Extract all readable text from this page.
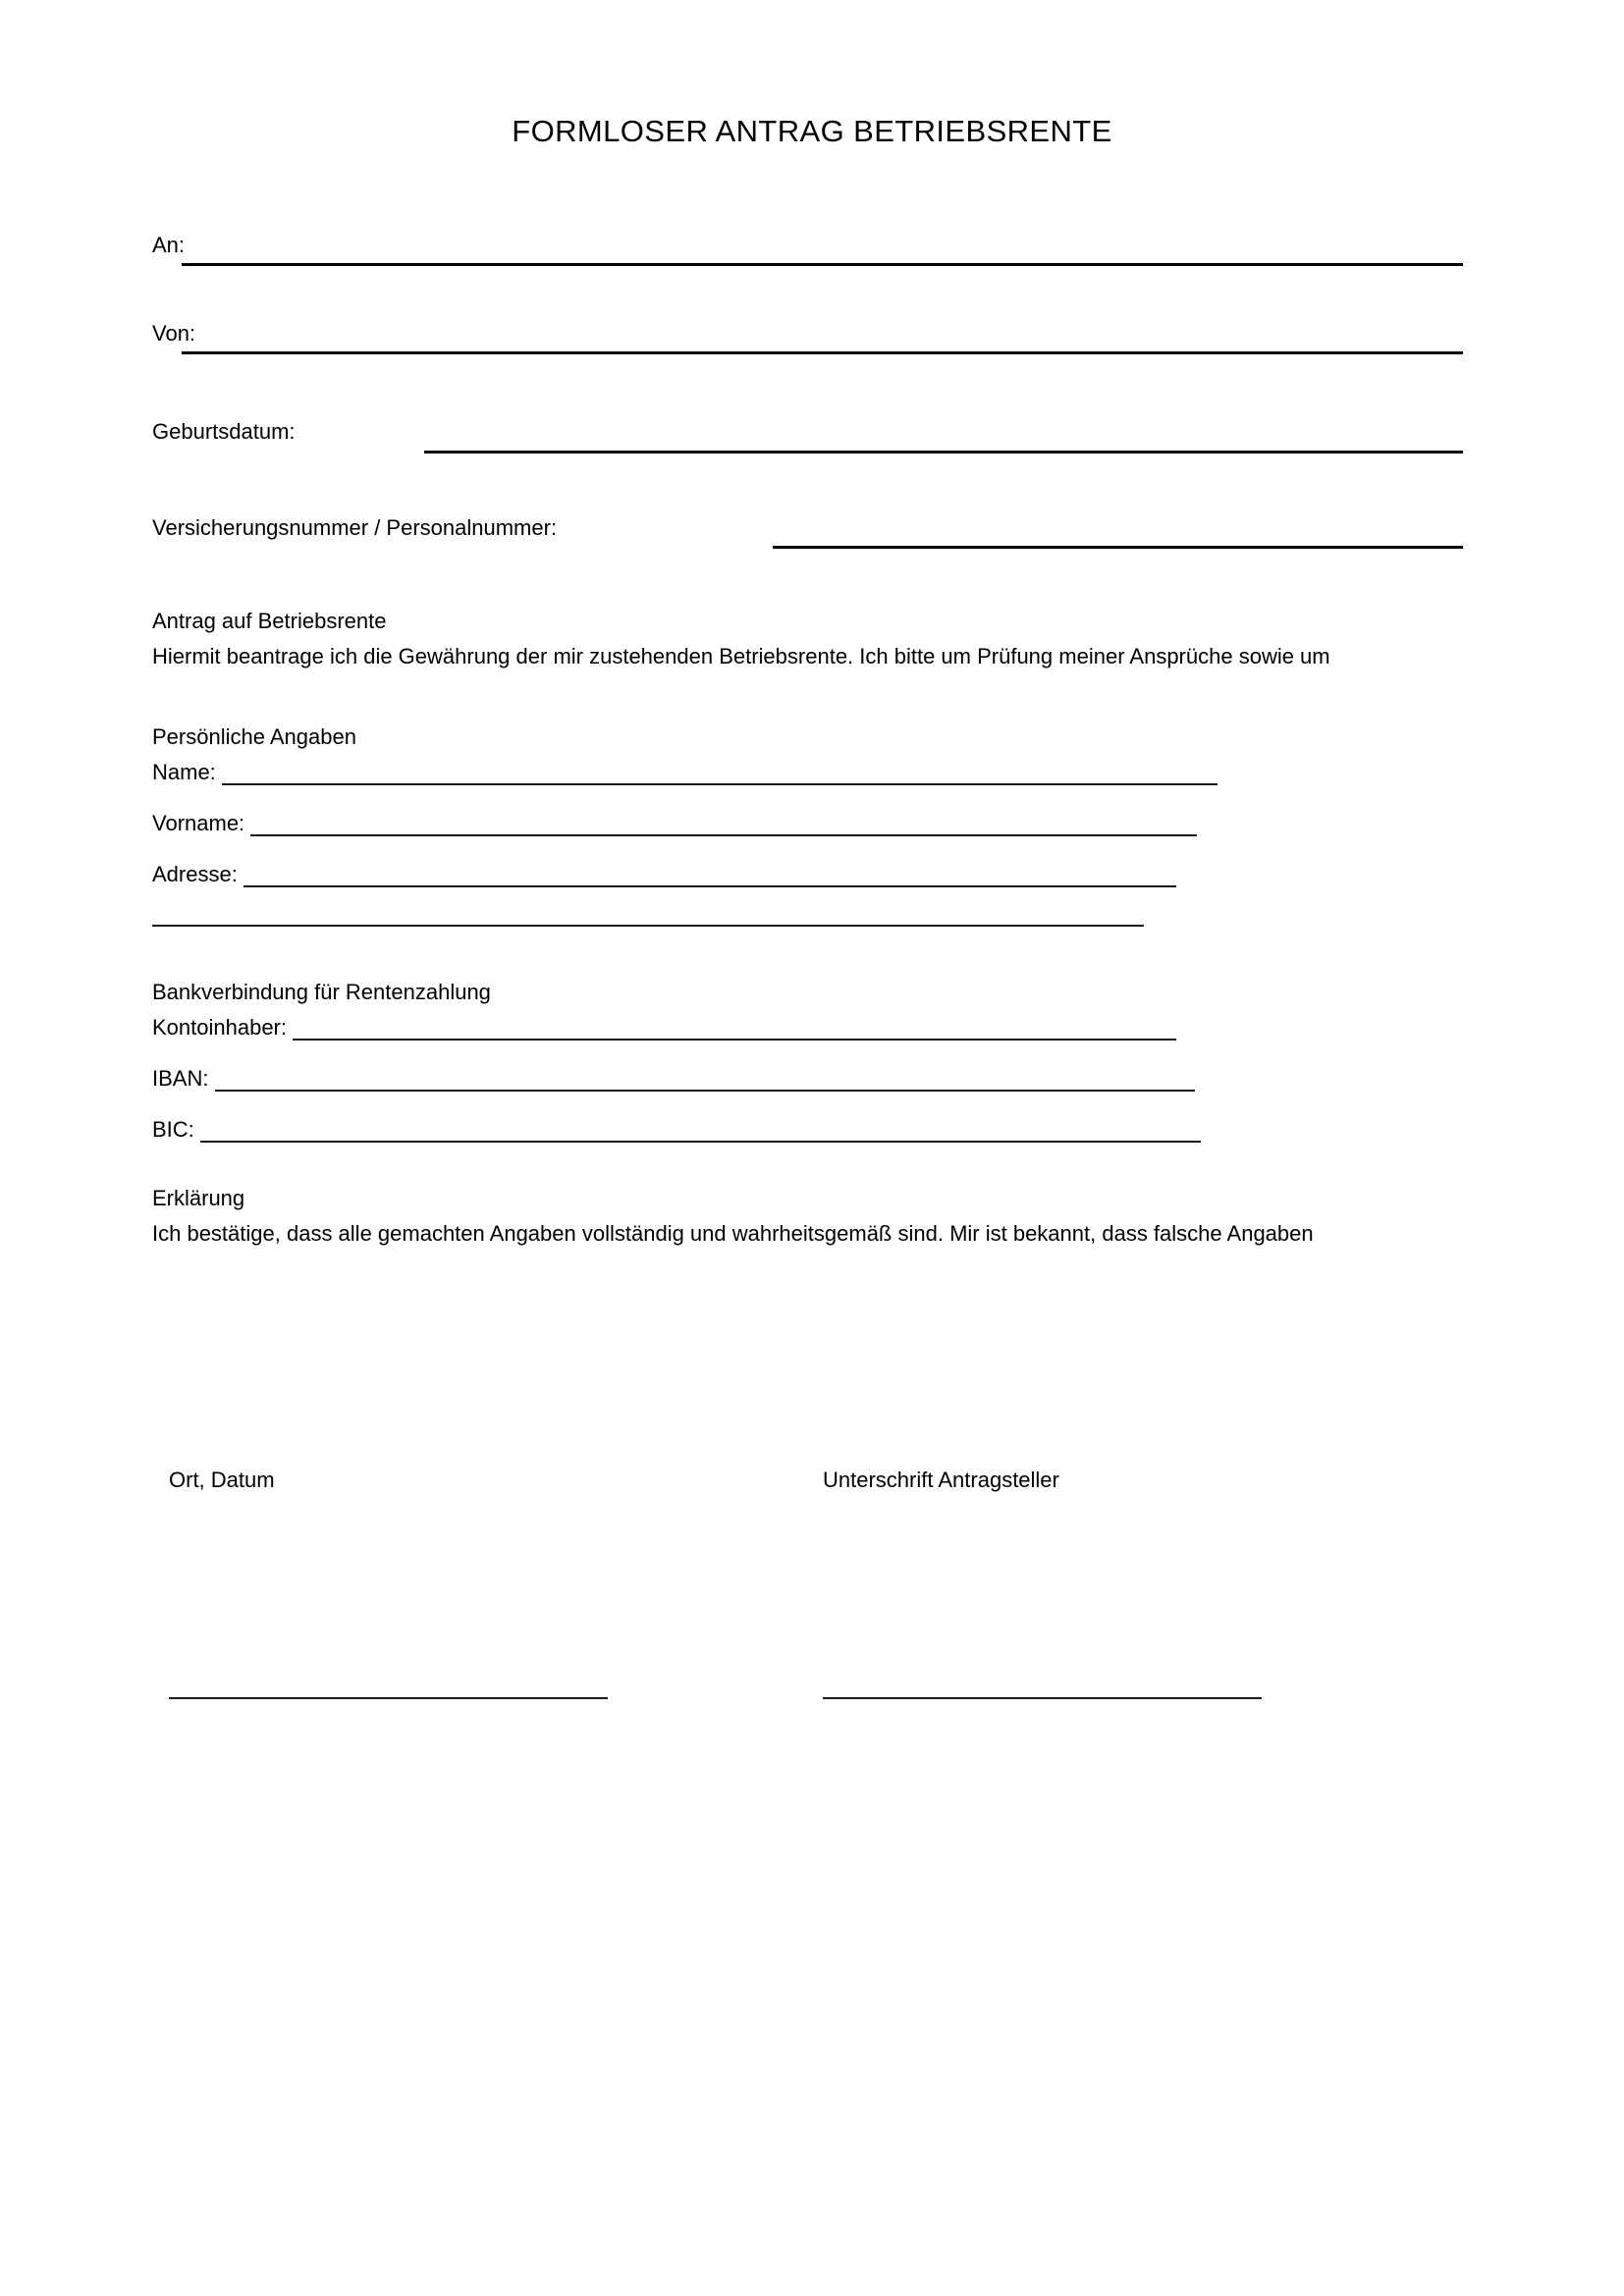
FORMLOSER ANTRAG BETRIEBSRENTE
An:
Von:
Geburtsdatum:
Versicherungsnummer / Personalnummer:
Antrag auf Betriebsrente
Hiermit beantrage ich die Gewährung der mir zustehenden Betriebsrente. Ich bitte um Prüfung meiner Ansprüche sowie um
Persönliche Angaben
Name:
Vorname:
Adresse:
Bankverbindung für Rentenzahlung
Kontoinhaber:
IBAN:
BIC:
Erklärung
Ich bestätige, dass alle gemachten Angaben vollständig und wahrheitsgemäß sind. Mir ist bekannt, dass falsche Angaben
Ort, Datum	Unterschrift Antragsteller
